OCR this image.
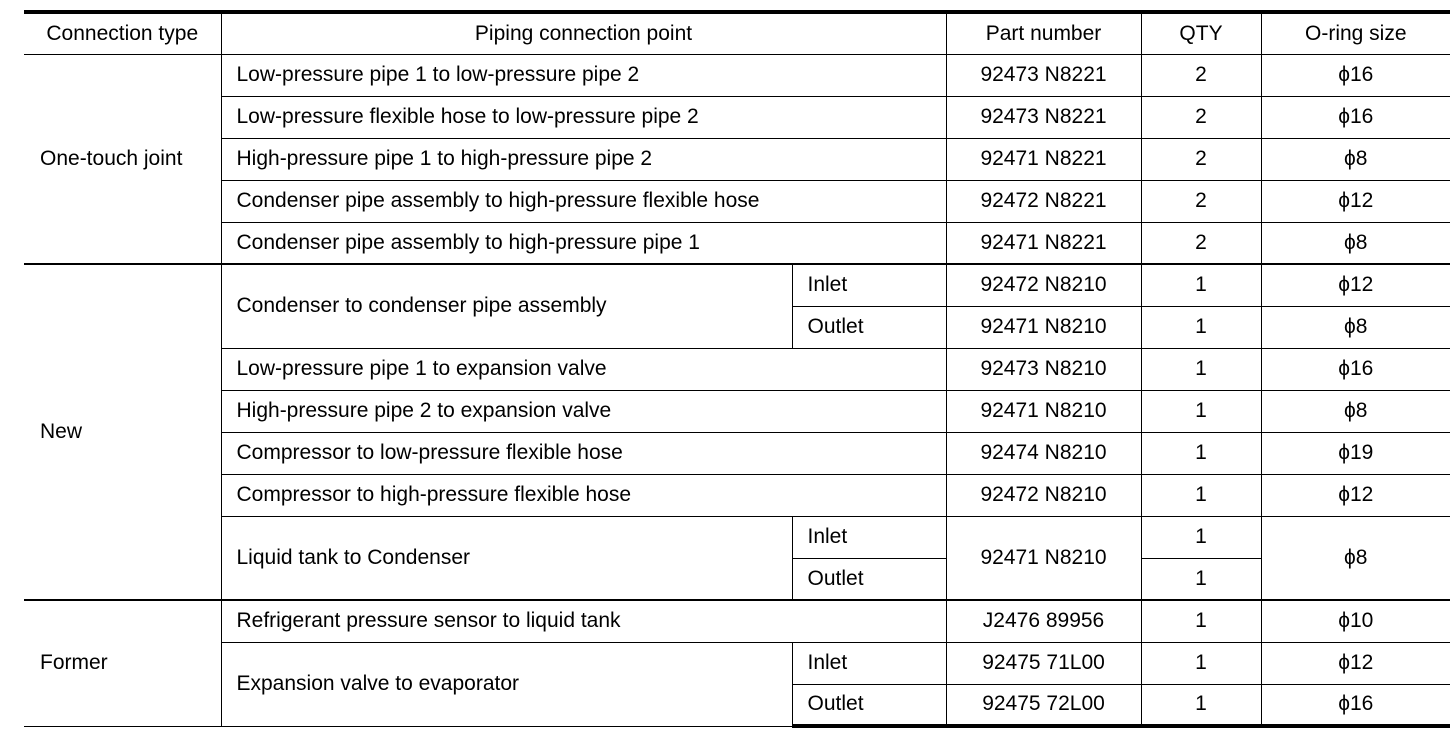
Connection type	Piping connection point		Part number	QTY	O-ring size
One-touch joint	Low-pressure pipe 1 to low-pressure pipe 2		92473 N8221	2	ϕ16
	Low-pressure flexible hose to low-pressure pipe 2		92473 N8221	2	ϕ16
	High-pressure pipe 1 to high-pressure pipe 2		92471 N8221	2	ϕ8
	Condenser pipe assembly to high-pressure flexible hose		92472 N8221	2	ϕ12
	Condenser pipe assembly to high-pressure pipe 1		92471 N8221	2	ϕ8
New	Condenser to condenser pipe assembly	Inlet	92472 N8210	1	ϕ12
		Outlet	92471 N8210	1	ϕ8
	Low-pressure pipe 1 to expansion valve		92473 N8210	1	ϕ16
	High-pressure pipe 2 to expansion valve		92471 N8210	1	ϕ8
	Compressor to low-pressure flexible hose		92474 N8210	1	ϕ19
	Compressor to high-pressure flexible hose		92472 N8210	1	ϕ12
	Liquid tank to Condenser	Inlet	92471 N8210	1	ϕ8
		Outlet		1	
Former	Refrigerant pressure sensor to liquid tank		J2476 89956	1	ϕ10
	Expansion valve to evaporator	Inlet	92475 71L00	1	ϕ12
		Outlet	92475 72L00	1	ϕ16
